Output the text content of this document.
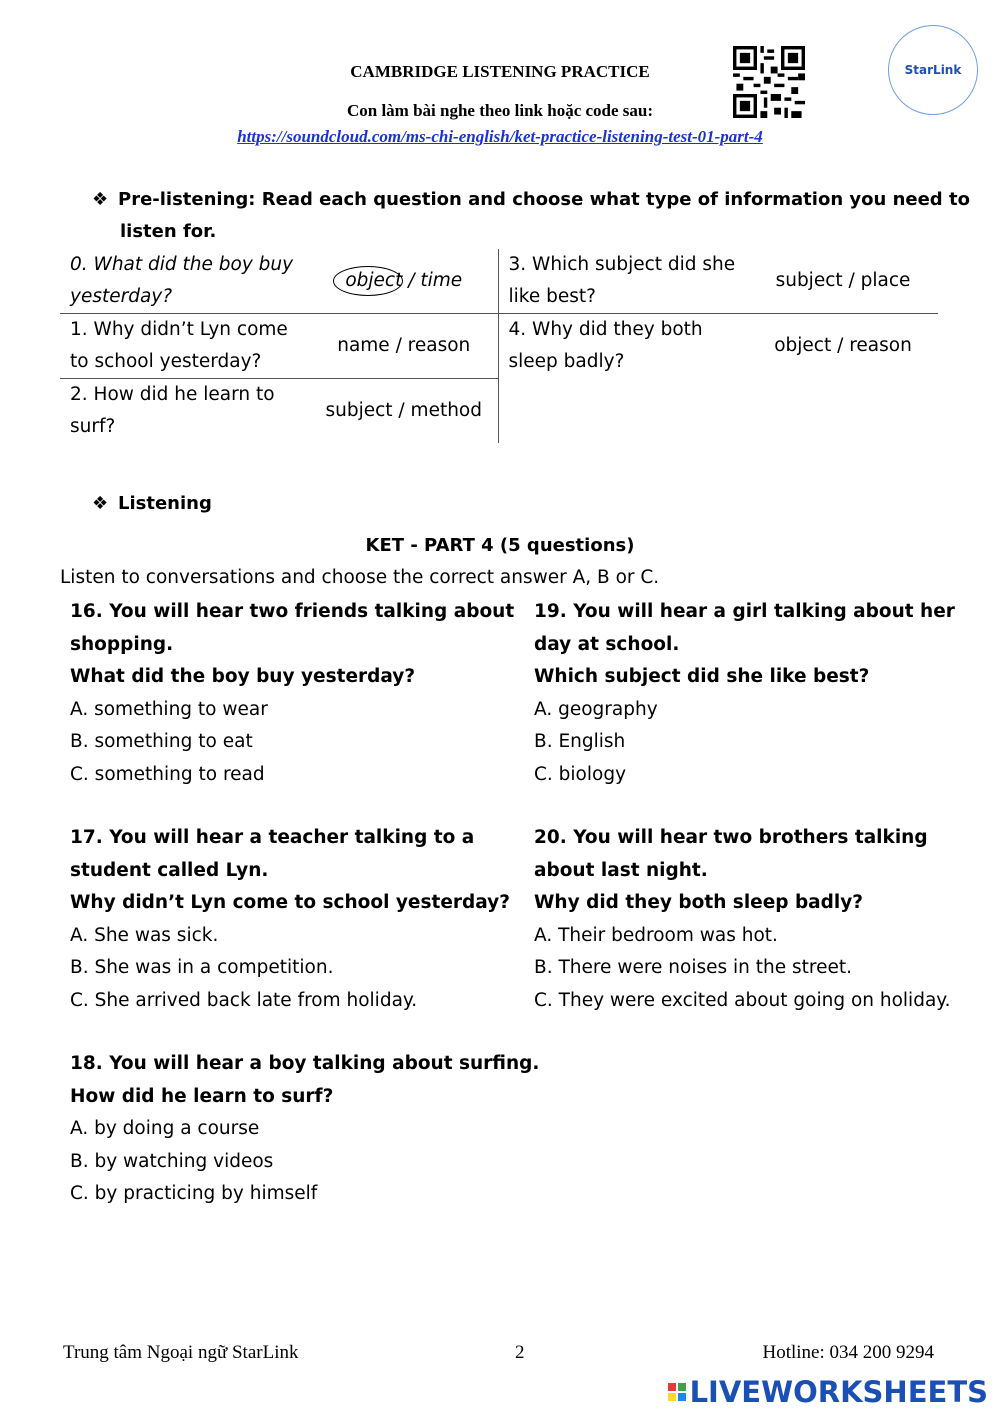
CAMBRIDGE LISTENING PRACTICE
Con làm bài nghe theo link hoặc code sau:
https://soundcloud.com/ms-chi-english/ket-practice-listening-test-01-part-4
StarLink
❖ Pre-listening: Read each question and choose what type of information you need to
listen for.
0. What did the boy buy yesterday?	object / time	3. Which subject did she like best?	subject / place
1. Why didn’t Lyn come to school yesterday?	name / reason	4. Why did they both sleep badly?	object / reason
2. How did he learn to surf?	subject / method		
❖ Listening
KET - PART 4 (5 questions)
Listen to conversations and choose the correct answer A, B or C.
16. You will hear two friends talking about
shopping.
What did the boy buy yesterday?
A. something to wear
B. something to eat
C. something to read
17. You will hear a teacher talking to a
student called Lyn.
Why didn’t Lyn come to school yesterday?
A. She was sick.
B. She was in a competition.
C. She arrived back late from holiday.
18. You will hear a boy talking about surfing.
How did he learn to surf?
A. by doing a course
B. by watching videos
C. by practicing by himself
19. You will hear a girl talking about her
day at school.
Which subject did she like best?
A. geography
B. English
C. biology
20. You will hear two brothers talking
about last night.
Why did they both sleep badly?
A. Their bedroom was hot.
B. There were noises in the street.
C. They were excited about going on holiday.
Trung tâm Ngoại ngữ StarLink	2	Hotline: 034 200 9294
LIVEWORKSHEETS
